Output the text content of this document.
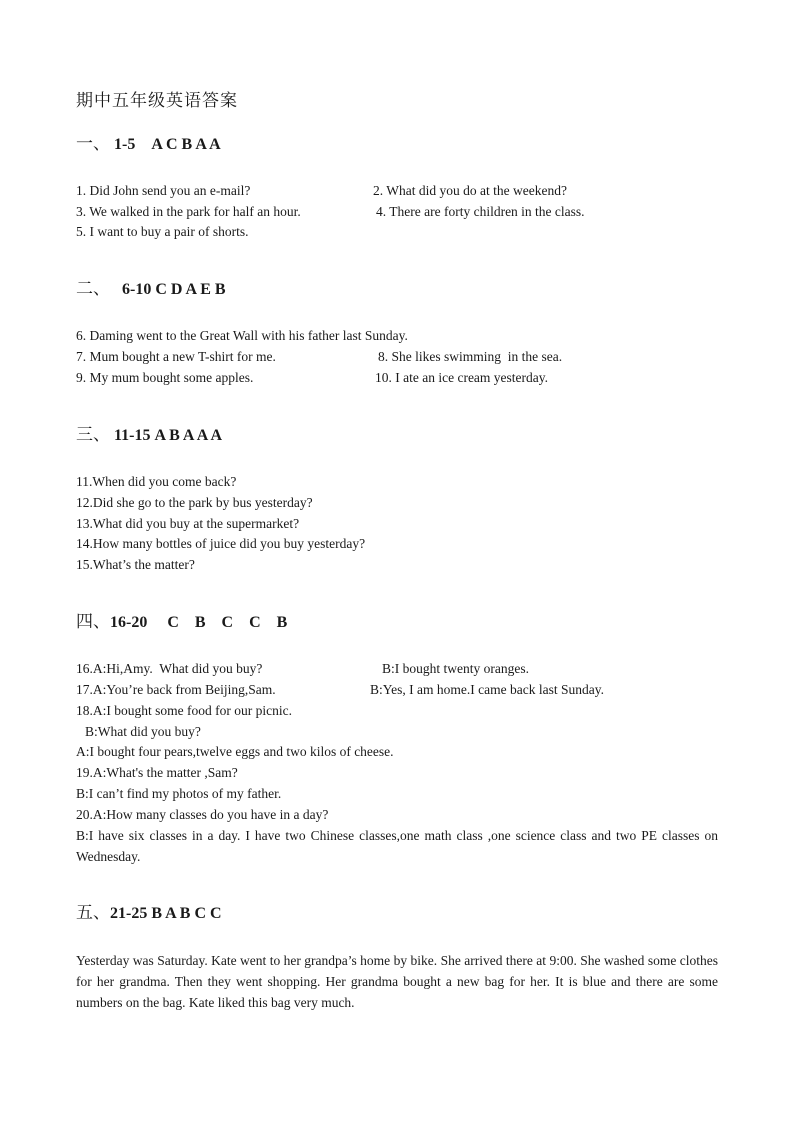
期中五年级英语答案
一、 1-5    A C B A A
1. Did John send you an e-mail?	2. What did you do at the weekend?
3. We walked in the park for half an hour.	4. There are forty children in the class.
5. I want to buy a pair of shorts.
二、   6-10 C D A E B
6. Daming went to the Great Wall with his father last Sunday.
7. Mum bought a new T-shirt for me.	8. She likes swimming  in the sea.
9. My mum bought some apples.	10. I ate an ice cream yesterday.
三、 11-15 A B A A A
11.When did you come back?
12.Did she go to the park by bus yesterday?
13.What did you buy at the supermarket?
14.How many bottles of juice did you buy yesterday?
15.What’s the matter?
四、16-20     C    B    C    C    B
16.A:Hi,Amy.  What did you buy?	B:I bought twenty oranges.
17.A:You’re back from Beijing,Sam.	B:Yes, I am home.I came back last Sunday.
18.A:I bought some food for our picnic.
B:What did you buy?
A:I bought four pears,twelve eggs and two kilos of cheese.
19.A:What's the matter ,Sam?
B:I can’t find my photos of my father.
20.A:How many classes do you have in a day?
B:I have six classes in a day. I have two Chinese classes,one math class ,one science class and two PE classes on Wednesday.
五、21-25 B A B C C
Yesterday was Saturday. Kate went to her grandpa’s home by bike. She arrived there at 9:00. She washed some clothes for her grandma. Then they went shopping. Her grandma bought a new bag for her. It is blue and there are some numbers on the bag. Kate liked this bag very much.
